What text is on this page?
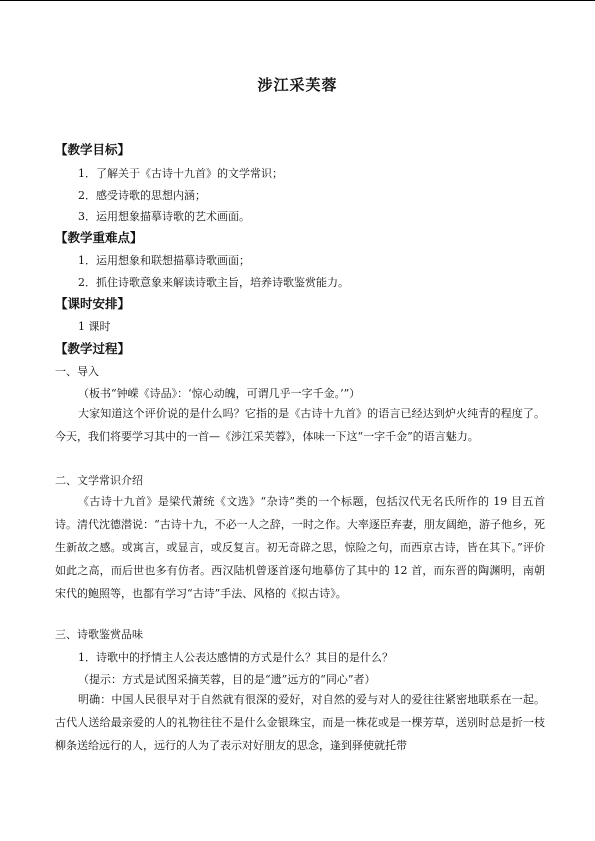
涉江采芙蓉
【教学目标】
1．了解关于《古诗十九首》的文学常识；
2．感受诗歌的思想内涵；
3．运用想象描摹诗歌的艺术画面。
【教学重难点】
1．运用想象和联想描摹诗歌画面；
2．抓住诗歌意象来解读诗歌主旨，培养诗歌鉴赏能力。
【课时安排】
1 课时
【教学过程】
一、导入
（板书“钟嵘《诗品》：‘惊心动魄，可谓几乎一字千金。’”）
大家知道这个评价说的是什么吗？它指的是《古诗十九首》的语言已经达到炉火纯青的程度了。今天，我们将要学习其中的一首—《涉江采芙蓉》，体味一下这“一字千金”的语言魅力。
二、文学常识介绍
《古诗十九首》是梁代萧统《文选》“杂诗”类的一个标题，包括汉代无名氏所作的 19 目五首诗。清代沈德潜说：“古诗十九，不必一人之辞，一时之作。大率逐臣弃妻，朋友阔绝，游子他乡，死生新故之感。或寓言，或显言，或反复言。初无奇辟之思，惊险之句，而西京古诗，皆在其下。”评价如此之高，而后世也多有仿者。西汉陆机曾逐首逐句地摹仿了其中的 12 首，而东晋的陶渊明，南朝宋代的鲍照等，也都有学习“古诗”手法、风格的《拟古诗》。
三、诗歌鉴赏品味
1．诗歌中的抒情主人公表达感情的方式是什么？其目的是什么？
（提示：方式是试图采摘芙蓉，目的是“遗”远方的“同心”者）
明确：中国人民很早对于自然就有很深的爱好，对自然的爱与对人的爱往往紧密地联系在一起。古代人送给最亲爱的人的礼物往往不是什么金银珠宝，而是一株花或是一棵芳草，送别时总是折一枝柳条送给远行的人，远行的人为了表示对好朋友的思念，逢到驿使就托带
